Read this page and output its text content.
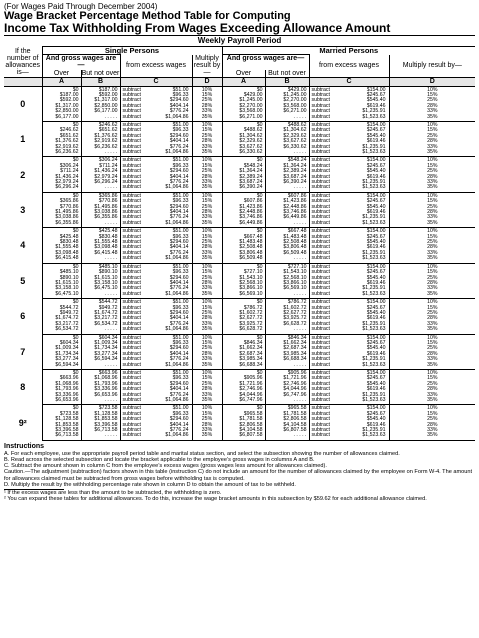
(For Wages Paid Through December 2004)
Wage Bracket Percentage Method Table for Computing
Income Tax Withholding From Wages Exceeding Allowance Amount
Weekly Payroll Period								
If the number of allowances is—	Single Persons				Married Persons			
	And gross wages are—		from excess wages	Multiply result by—	And gross wages are—		from excess wages	Multiply result by—
	Over	But not over			Over	But not over		
	A	B	C	D	A	B	C	D
0	$0	$187.00	subtract $51.00	10%	$0	$429.00	subtract $154.00	10%
	$187.00	$592.00	subtract $96.33	15%	$429.00	$1,245.00	subtract $245.67	15%
	$592.00	$1,317.00	subtract $294.60	25%	$1,245.00	$2,270.00	subtract $545.40	25%
	$1,317.00	$2,850.00	subtract $404.14	28%	$2,270.00	$3,568.00	subtract $619.46	28%
	$2,850.00	$6,177.00	subtract $776.24	33%	$3,568.00	$6,271.00	subtract $1,235.91	33%
	$6,177.00	. . . . .	subtract $1,064.86	35%	$6,271.00	. . . . .	subtract $1,523.63	35%
1	$0	$246.62	subtract $51.00	10%	$0	$488.62	subtract $154.00	10%
	$246.62	$651.62	subtract $96.33	15%	$488.62	$1,304.62	subtract $245.67	15%
	$651.62	$1,376.62	subtract $294.60	25%	$1,304.62	$2,329.62	subtract $545.40	25%
	$1,376.62	$2,919.62	subtract $404.14	28%	$2,329.62	$3,627.62	subtract $619.46	28%
	$2,919.62	$6,236.62	subtract $776.24	33%	$3,627.62	$6,330.62	subtract $1,235.91	33%
	$6,236.62	. . . . .	subtract $1,064.86	35%	$6,330.62	. . . . .	subtract $1,523.63	35%
2	$0	$306.24	subtract $51.00	10%	$0	$548.24	subtract $154.00	10%
	$306.24	$711.24	subtract $96.33	15%	$548.24	$1,364.24	subtract $245.67	15%
	$711.24	$1,436.24	subtract $294.60	25%	$1,364.24	$2,389.24	subtract $545.40	25%
	$1,436.24	$2,979.24	subtract $404.14	28%	$2,389.24	$3,687.24	subtract $619.46	28%
	$2,979.24	$6,296.24	subtract $776.24	33%	$3,687.24	$6,390.24	subtract $1,235.91	33%
	$6,296.24	. . . . .	subtract $1,064.86	35%	$6,390.24	. . . . .	subtract $1,523.63	35%
3	$0	$365.86	subtract $51.00	10%	$0	$607.86	subtract $154.00	10%
	$365.86	$770.86	subtract $96.33	15%	$607.86	$1,423.86	subtract $245.67	15%
	$770.86	$1,495.86	subtract $294.60	25%	$1,423.86	$2,448.86	subtract $545.40	25%
	$1,495.86	$3,038.86	subtract $404.14	28%	$2,448.86	$3,746.86	subtract $619.46	28%
	$3,038.86	$6,355.86	subtract $776.24	33%	$3,746.86	$6,449.86	subtract $1,235.91	33%
	$6,355.86	. . . . .	subtract $1,064.86	35%	$6,449.86	. . . . .	subtract $1,523.63	35%
4	$0	$425.48	subtract $51.00	10%	$0	$667.48	subtract $154.00	10%
	$425.48	$830.48	subtract $96.33	15%	$667.48	$1,483.48	subtract $245.67	15%
	$830.48	$1,555.48	subtract $294.60	25%	$1,483.48	$2,508.48	subtract $545.40	25%
	$1,555.48	$3,098.48	subtract $404.14	28%	$2,508.48	$3,806.48	subtract $619.46	28%
	$3,098.48	$6,415.48	subtract $776.24	33%	$3,806.48	$6,509.48	subtract $1,235.91	33%
	$6,415.48	. . . . .	subtract $1,064.86	35%	$6,509.48	. . . . .	subtract $1,523.63	35%
5	$0	$485.10	subtract $51.00	10%	$0	$727.10	subtract $154.00	10%
	$485.10	$890.10	subtract $96.33	15%	$727.10	$1,543.10	subtract $245.67	15%
	$890.10	$1,615.10	subtract $294.60	25%	$1,543.10	$2,568.10	subtract $545.40	25%
	$1,615.10	$3,158.10	subtract $404.14	28%	$2,568.10	$3,866.10	subtract $619.46	28%
	$3,158.10	$6,475.10	subtract $776.24	33%	$3,866.10	$6,569.10	subtract $1,235.91	33%
	$6,475.10	. . . . .	subtract $1,064.86	35%	$6,569.10	. . . . .	subtract $1,523.63	35%
6	$0	$544.72	subtract $51.00	10%	$0	$786.72	subtract $154.00	10%
	$544.72	$949.72	subtract $96.33	15%	$786.72	$1,602.72	subtract $245.67	15%
	$949.72	$1,674.72	subtract $294.60	25%	$1,602.72	$2,627.72	subtract $545.40	25%
	$1,674.72	$3,217.72	subtract $404.14	28%	$2,627.72	$3,925.72	subtract $619.46	28%
	$3,217.72	$6,534.72	subtract $776.24	33%	$3,925.72	$6,628.72	subtract $1,235.91	33%
	$6,534.72	. . . . .	subtract $1,064.86	35%	$6,628.72	. . . . .	subtract $1,523.63	35%
7	$0	$604.34	subtract $51.00	10%	$0	$846.34	subtract $154.00	10%
	$604.34	$1,009.34	subtract $96.33	15%	$846.34	$1,662.34	subtract $245.67	15%
	$1,009.34	$1,734.34	subtract $294.60	25%	$1,662.34	$2,687.34	subtract $545.40	25%
	$1,734.34	$3,277.34	subtract $404.14	28%	$2,687.34	$3,985.34	subtract $619.46	28%
	$3,277.34	$6,594.34	subtract $776.24	33%	$3,985.34	$6,688.34	subtract $1,235.91	33%
	$6,594.34	. . . . .	subtract $1,064.86	35%	$6,688.34	. . . . .	subtract $1,523.63	35%
8	$0	$663.96	subtract $51.00	10%	$0	$905.96	subtract $154.00	10%
	$663.96	$1,068.96	subtract $96.33	15%	$905.96	$1,721.96	subtract $245.67	15%
	$1,068.96	$1,793.96	subtract $294.60	25%	$1,721.96	$2,746.96	subtract $545.40	25%
	$1,793.96	$3,336.96	subtract $404.14	28%	$2,746.96	$4,044.96	subtract $619.46	28%
	$3,336.96	$6,653.96	subtract $776.24	33%	$4,044.96	$6,747.96	subtract $1,235.91	33%
	$6,653.96	. . . . .	subtract $1,064.86	35%	$6,747.96	. . . . .	subtract $1,523.63	35%
9²	$0	$723.58	subtract $51.00	10%	$0	$965.58	subtract $154.00	10%
	$723.58	$1,128.58	subtract $96.33	15%	$965.58	$1,781.58	subtract $245.67	15%
	$1,128.58	$1,853.58	subtract $294.60	25%	$1,781.58	$2,806.58	subtract $545.40	25%
	$1,853.58	$3,396.58	subtract $404.14	28%	$2,806.58	$4,104.58	subtract $619.46	28%
	$3,396.58	$6,713.58	subtract $776.24	33%	$4,104.58	$6,807.58	subtract $1,235.91	33%
	$6,713.58	. . . . .	subtract $1,064.86	35%	$6,807.58	. . . . .	subtract $1,523.63	35%
Instructions
A. For each employee, use the appropriate payroll period table and marital status section, and select the subsection showing the number of allowances claimed.
B. Read across the selected subsection and locate the bracket applicable to the employee’s gross wages in columns A and B.
C. Subtract the amount shown in column C from the employee’s excess wages (gross wages less amount for allowances claimed).
Caution.—The adjustment (subtraction) factors shown in this table (instruction C) do not include an amount for the number of allowances claimed by the employee on Form W-4. The amount for allowances claimed must be subtracted from gross wages before withholding tax is computed.
D. Multiply the result by the withholding percentage rate shown in column D to obtain the amount of tax to be withheld.
¹ If the excess wages are less than the amount to be subtracted, the withholding is zero.
² You can expand these tables for additional allowances. To do this, increase the wage bracket amounts in this subsection by $59.62 for each additional allowance claimed.
